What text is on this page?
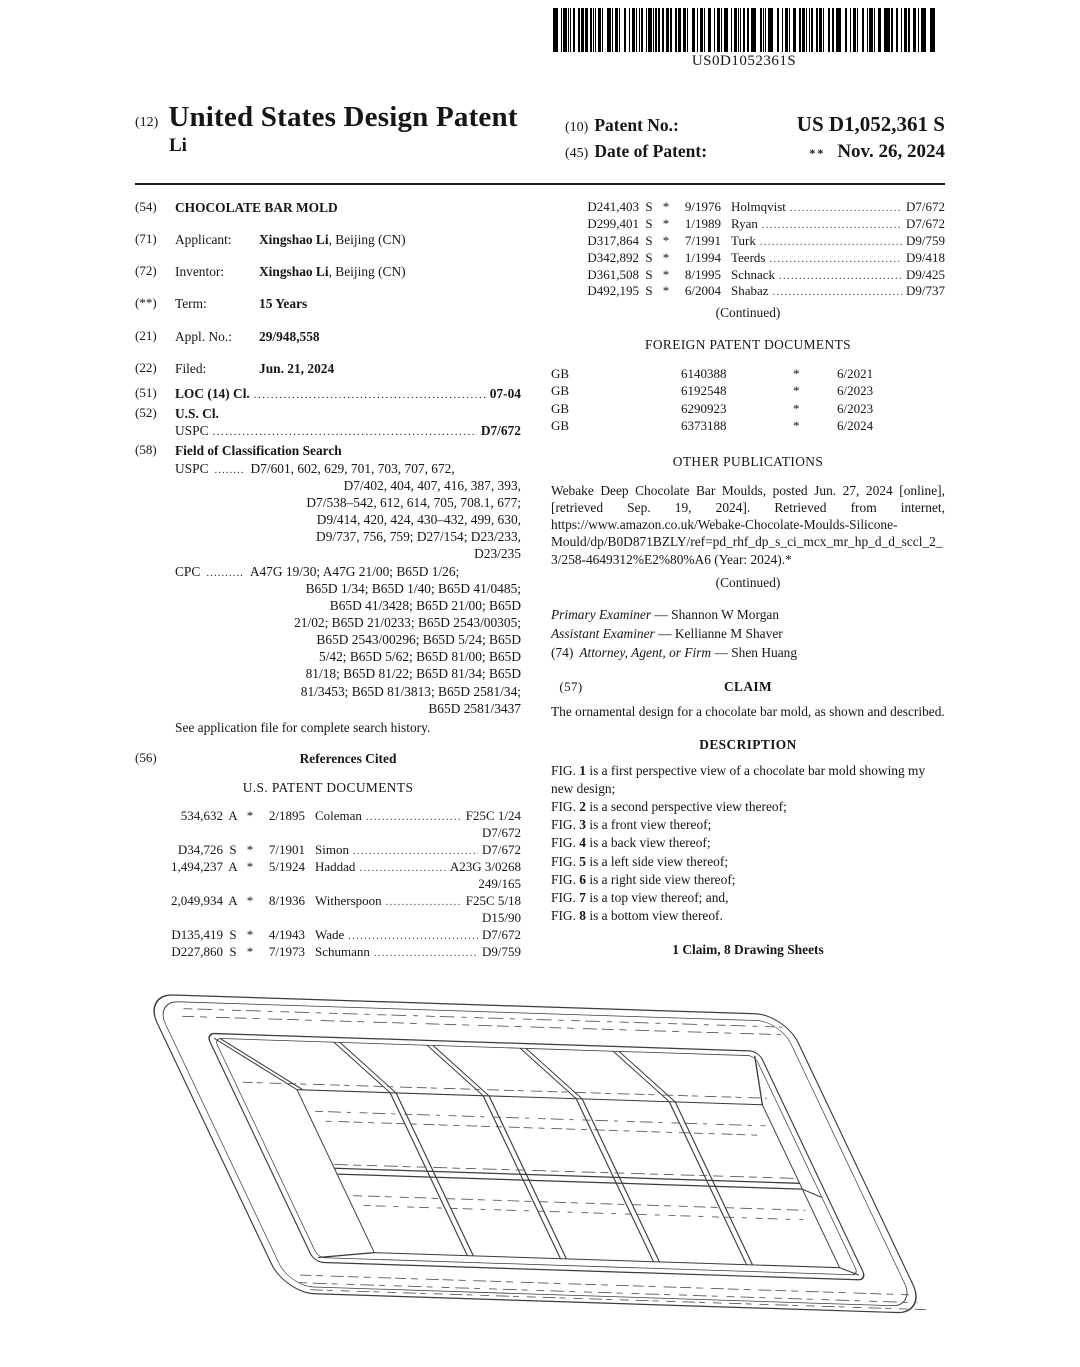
US0D1052361S
(12) United States Design Patent
Li
(10) Patent No.:	US D1,052,361 S
(45) Date of Patent:	** Nov. 26, 2024
(54)	CHOCOLATE BAR MOLD
(71)	Applicant: Xingshao Li, Beijing (CN)
(72)	Inventor:	Xingshao Li, Beijing (CN)
(**)	Term:	15 Years
(21)	Appl. No.: 29/948,558
(22)	Filed:	Jun. 21, 2024
(51)	LOC (14) Cl. .....	07-04
(52)	U.S. Cl.
USPC .....	D7/672
(58)	Field of Classification Search
USPC ........ D7/601, 602, 629, 701, 703, 707, 672,
D7/402, 404, 407, 416, 387, 393,
D7/538–542, 612, 614, 705, 708.1, 677;
D9/414, 420, 424, 430–432, 499, 630,
D9/737, 756, 759; D27/154; D23/233,
D23/235
CPC .......... A47G 19/30; A47G 21/00; B65D 1/26;
B65D 1/34; B65D 1/40; B65D 41/0485;
B65D 41/3428; B65D 21/00; B65D
21/02; B65D 21/0233; B65D 2543/00305;
B65D 2543/00296; B65D 5/24; B65D
5/42; B65D 5/62; B65D 81/00; B65D
81/18; B65D 81/22; B65D 81/34; B65D
81/3453; B65D 81/3813; B65D 2581/34;
B65D 2581/3437
See application file for complete search history.
(56)	References Cited
U.S. PATENT DOCUMENTS
534,632 A *	2/1895 Coleman .....	F25C 1/24
D7/672
D34,726 S *	7/1901 Simon .....	D7/672
1,494,237 A *	5/1924 Haddad .....	A23G 3/0268
249/165
2,049,934 A *	8/1936 Witherspoon .....	F25C 5/18
D15/90
D135,419 S *	4/1943 Wade .....	D7/672
D227,860 S *	7/1973 Schumann .....	D9/759
D241,403 S *	9/1976 Holmqvist .....	D7/672
D299,401 S *	1/1989 Ryan .....	D7/672
D317,864 S *	7/1991 Turk .....	D9/759
D342,892 S *	1/1994 Teerds .....	D9/418
D361,508 S *	8/1995 Schnack .....	D9/425
D492,195 S *	6/2004 Shabaz .....	D9/737
(Continued)
FOREIGN PATENT DOCUMENTS
GB	6140388	*	6/2021
GB	6192548	*	6/2023
GB	6290923	*	6/2023
GB	6373188	*	6/2024
OTHER PUBLICATIONS
Webake Deep Chocolate Bar Moulds, posted Jun. 27, 2024 [online], [retrieved Sep. 19, 2024]. Retrieved from internet, https://www.amazon.co.uk/Webake-Chocolate-Moulds-Silicone-Mould/dp/B0D871BZLY/ref=pd_rhf_dp_s_ci_mcx_mr_hp_d_d_sccl_2_3/258-4649312%E2%80%A6 (Year: 2024).*
(Continued)
Primary Examiner — Shannon W Morgan
Assistant Examiner — Kellianne M Shaver
(74) Attorney, Agent, or Firm — Shen Huang
(57)	CLAIM
The ornamental design for a chocolate bar mold, as shown and described.
DESCRIPTION
FIG. 1 is a first perspective view of a chocolate bar mold showing my new design;
FIG. 2 is a second perspective view thereof;
FIG. 3 is a front view thereof;
FIG. 4 is a back view thereof;
FIG. 5 is a left side view thereof;
FIG. 6 is a right side view thereof;
FIG. 7 is a top view thereof; and,
FIG. 8 is a bottom view thereof.
1 Claim, 8 Drawing Sheets
